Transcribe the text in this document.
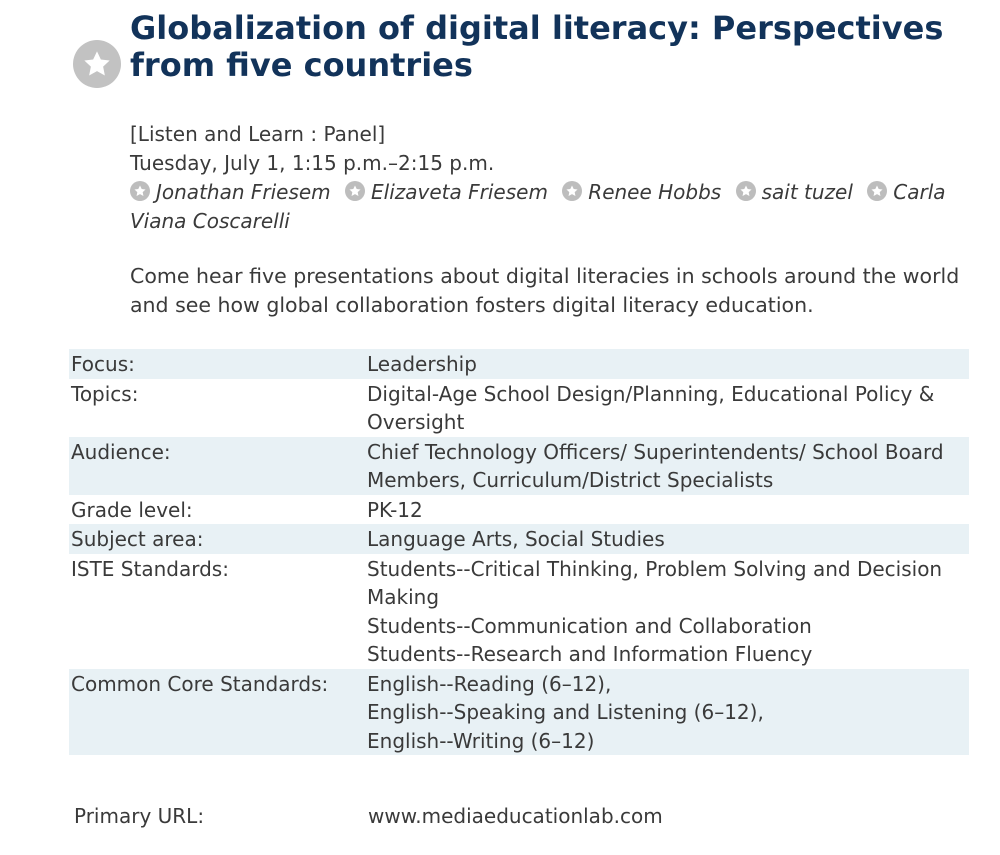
Globalization of digital literacy: Perspectives from five countries
[Listen and Learn : Panel]
Tuesday, July 1, 1:15 p.m.–2:15 p.m.
Jonathan Friesem Elizaveta Friesem Renee Hobbs sait tuzel Carla Viana Coscarelli
Come hear five presentations about digital literacies in schools around the world and see how global collaboration fosters digital literacy education.
Focus:	Leadership

Topics:	Digital-Age School Design/Planning, Educational Policy & Oversight

Audience:	Chief Technology Officers/ Superintendents/ School Board Members, Curriculum/District Specialists

Grade level:	PK-12

Subject area:	Language Arts, Social Studies

ISTE Standards:	Students--Critical Thinking, Problem Solving and Decision Making
Students--Communication and Collaboration
Students--Research and Information Fluency

Common Core Standards:	English--Reading (6–12),
English--Speaking and Listening (6–12),
English--Writing (6–12)
Primary URL:	www.mediaeducationlab.com
